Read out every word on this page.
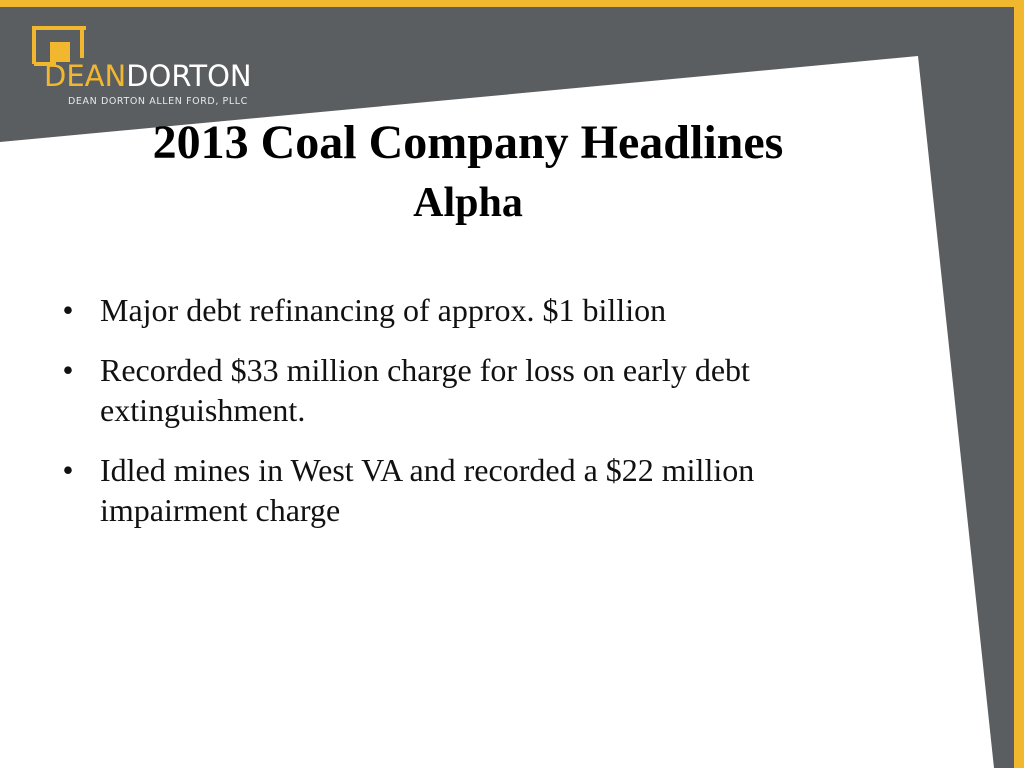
DEANDORTON
DEAN DORTON ALLEN FORD, PLLC
2013 Coal Company Headlines
Alpha
• Major debt refinancing of approx. $1 billion
• Recorded $33 million charge for loss on early debt extinguishment.
• Idled mines in West VA and recorded a $22 million impairment charge
